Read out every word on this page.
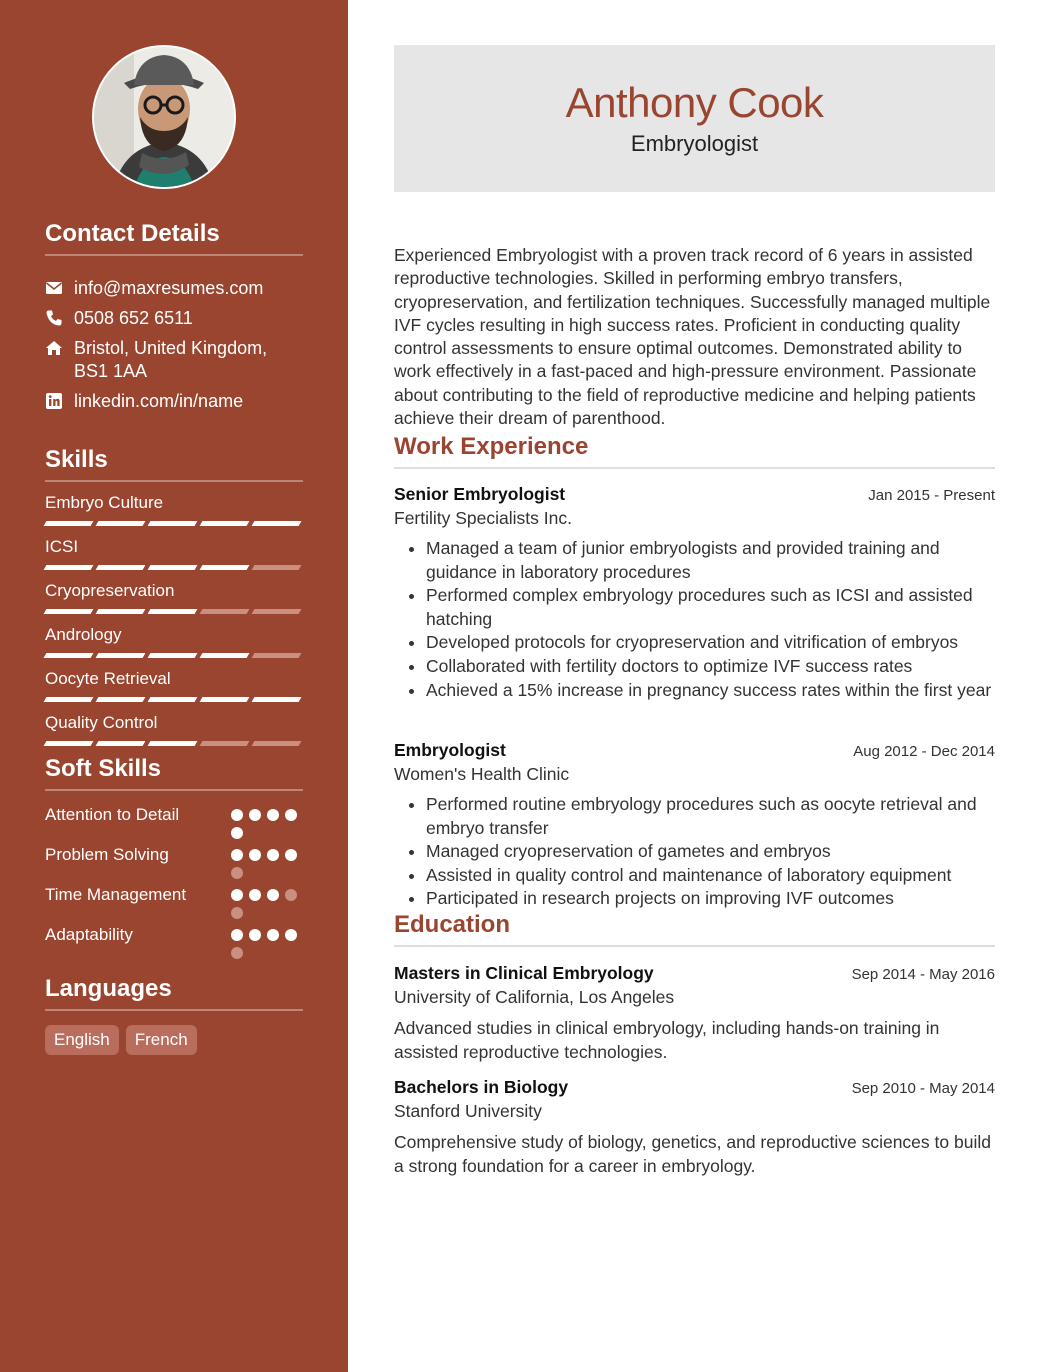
Contact Details
info@maxresumes.com
0508 652 6511
Bristol, United Kingdom, BS1 1AA
linkedin.com/in/name
Skills
Embryo Culture
ICSI
Cryopreservation
Andrology
Oocyte Retrieval
Quality Control
Soft Skills
Attention to Detail
Problem Solving
Time Management
Adaptability
Languages
English	French
Anthony Cook
Embryologist
Experienced Embryologist with a proven track record of 6 years in assisted reproductive technologies. Skilled in performing embryo transfers, cryopreservation, and fertilization techniques. Successfully managed multiple IVF cycles resulting in high success rates. Proficient in conducting quality control assessments to ensure optimal outcomes. Demonstrated ability to work effectively in a fast-paced and high-pressure environment. Passionate about contributing to the field of reproductive medicine and helping patients achieve their dream of parenthood.
Work Experience
Senior Embryologist	Jan 2015 - Present
Fertility Specialists Inc.
• Managed a team of junior embryologists and provided training and guidance in laboratory procedures
• Performed complex embryology procedures such as ICSI and assisted hatching
• Developed protocols for cryopreservation and vitrification of embryos
• Collaborated with fertility doctors to optimize IVF success rates
• Achieved a 15% increase in pregnancy success rates within the first year
Embryologist	Aug 2012 - Dec 2014
Women's Health Clinic
• Performed routine embryology procedures such as oocyte retrieval and embryo transfer
• Managed cryopreservation of gametes and embryos
• Assisted in quality control and maintenance of laboratory equipment
• Participated in research projects on improving IVF outcomes
Education
Masters in Clinical Embryology	Sep 2014 - May 2016
University of California, Los Angeles
Advanced studies in clinical embryology, including hands-on training in assisted reproductive technologies.
Bachelors in Biology	Sep 2010 - May 2014
Stanford University
Comprehensive study of biology, genetics, and reproductive sciences to build a strong foundation for a career in embryology.
